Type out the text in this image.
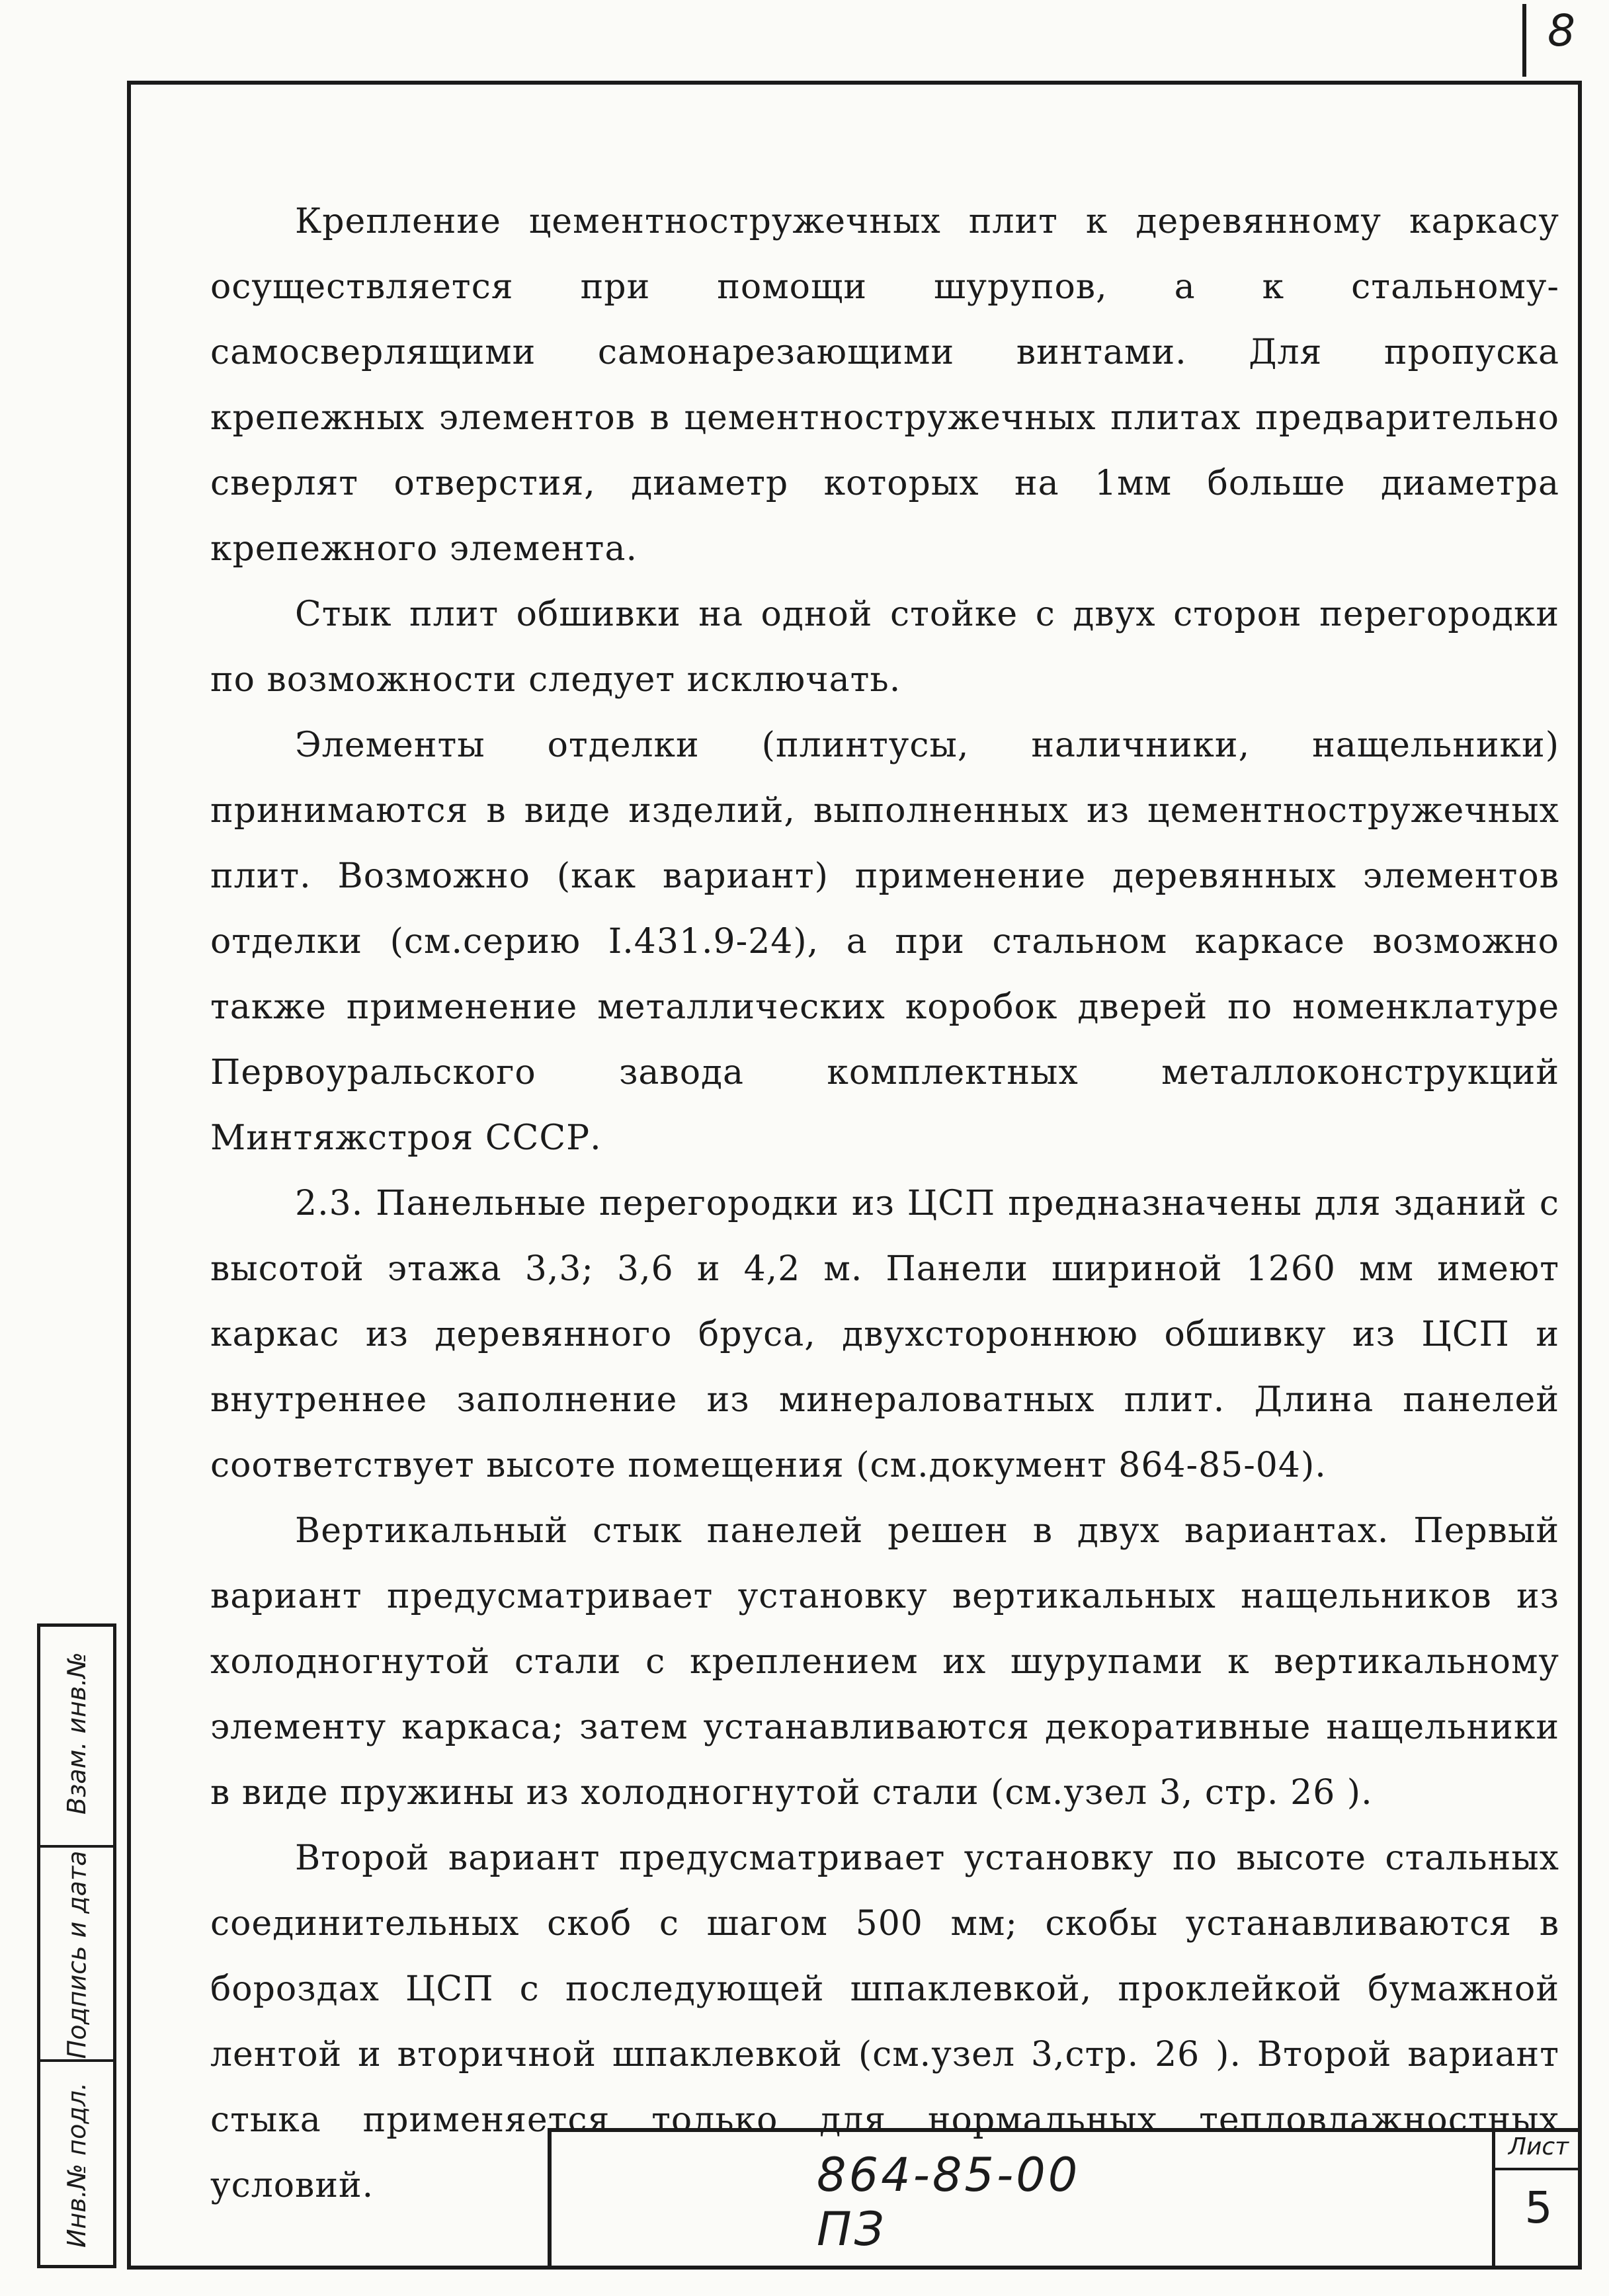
8

Крепление цементностружечных плит к деревянному каркасу осуществляется при помощи шурупов, а к стальному- самосверлящими самонарезающими винтами. Для пропуска крепежных элементов в цементностружечных плитах предварительно сверлят отверстия, диаметр которых на 1мм больше диаметра крепежного элемента.

Стык плит обшивки на одной стойке с двух сторон перегородки по возможности следует исключать.

Элементы отделки (плинтусы, наличники, нащельники) принимаются в виде изделий, выполненных из цементностружечных плит. Возможно (как вариант) применение деревянных элементов отделки (см.серию I.431.9-24), а при стальном каркасе возможно также применение металлических коробок дверей по номенклатуре Первоуральского завода комплектных металлоконструкций Минтяжстроя СССР.

2.3. Панельные перегородки из ЦСП предназначены для зданий с высотой этажа 3,3; 3,6 и 4,2 м. Панели шириной 1260 мм имеют каркас из деревянного бруса, двухстороннюю обшивку из ЦСП и внутреннее заполнение из минераловатных плит. Длина панелей соответствует высоте помещения (см.документ 864-85-04).

Вертикальный стык панелей решен в двух вариантах. Первый вариант предусматривает установку вертикальных нащельников из холодногнутой стали с креплением их шурупами к вертикальному элементу каркаса; затем устанавливаются декоративные нащельники в виде пружины из холодногнутой стали (см.узел 3, стр. 26 ).

Второй вариант предусматривает установку по высоте стальных соединительных скоб с шагом 500 мм; скобы устанавливаются в бороздах ЦСП с последующей шпаклевкой, проклейкой бумажной лентой и вторичной шпаклевкой (см.узел 3,стр. 26 ). Второй вариант стыка применяется только для нормальных тепловлажностных условий.

Взам. инв.№
Подпись и дата
Инв.№ подл.	864-85-00 ПЗ
Лист
5
